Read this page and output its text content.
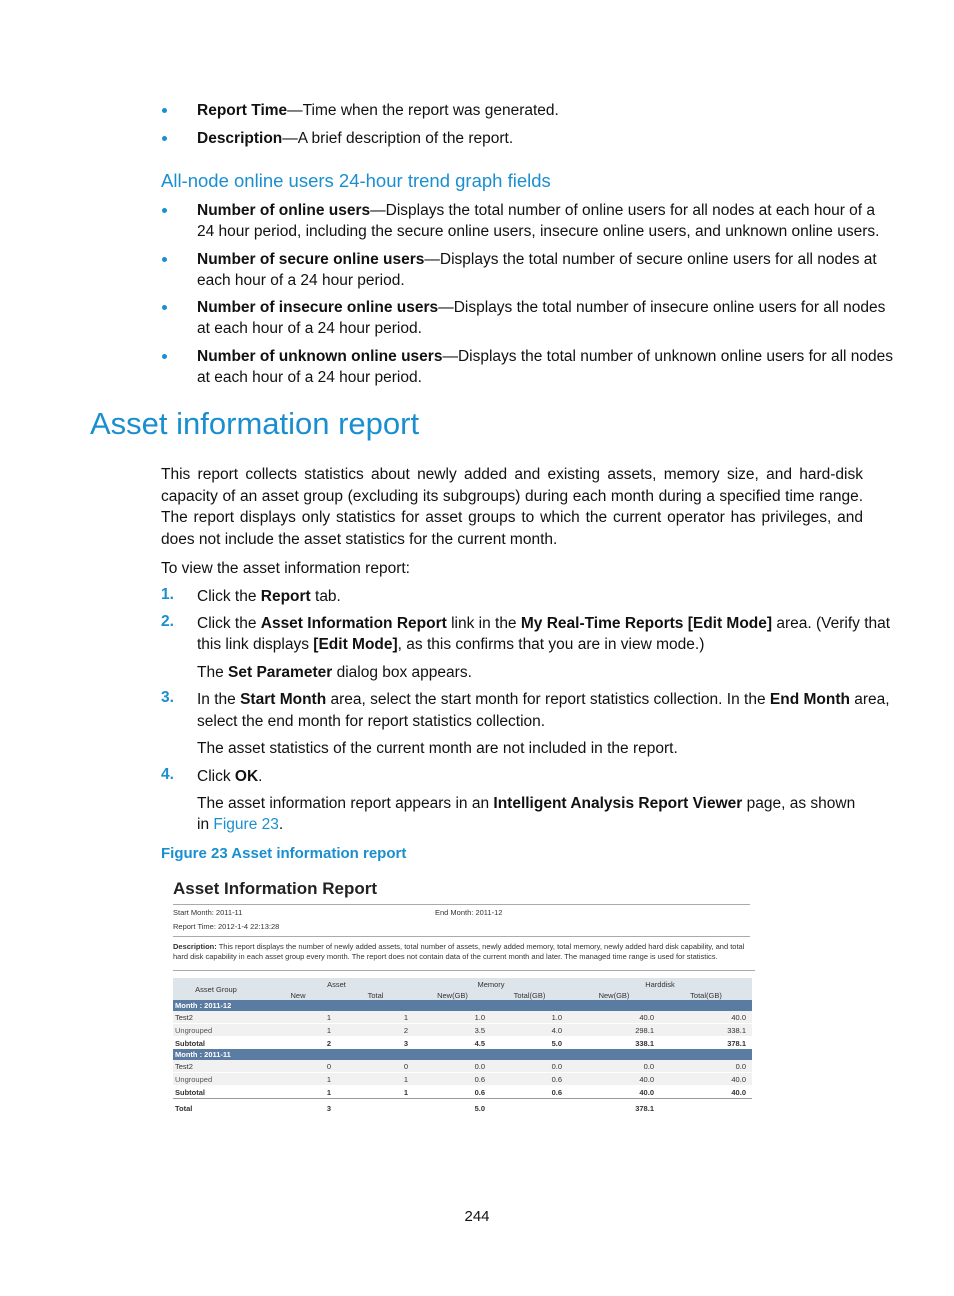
Report Time—Time when the report was generated.
Description—A brief description of the report.
All-node online users 24-hour trend graph fields
Number of online users—Displays the total number of online users for all nodes at each hour of a
24 hour period, including the secure online users, insecure online users, and unknown online users.
Number of secure online users—Displays the total number of secure online users for all nodes at
each hour of a 24 hour period.
Number of insecure online users—Displays the total number of insecure online users for all nodes
at each hour of a 24 hour period.
Number of unknown online users—Displays the total number of unknown online users for all nodes
at each hour of a 24 hour period.
Asset information report
This report collects statistics about newly added and existing assets, memory size, and hard-disk capacity of an asset group (excluding its subgroups) during each month during a specified time range. The report displays only statistics for asset groups to which the current operator has privileges, and does not include the asset statistics for the current month.
To view the asset information report:
1. Click the Report tab.
2. Click the Asset Information Report link in the My Real-Time Reports [Edit Mode] area. (Verify that
this link displays [Edit Mode], as this confirms that you are in view mode.)
The Set Parameter dialog box appears.
3. In the Start Month area, select the start month for report statistics collection. In the End Month area,
select the end month for report statistics collection.
The asset statistics of the current month are not included in the report.
4. Click OK.
The asset information report appears in an Intelligent Analysis Report Viewer page, as shown
in Figure 23.
Figure 23 Asset information report
Asset Information Report
Start Month: 2011-11	End Month: 2011-12
Report Time: 2012-1-4 22:13:28
Description: This report displays the number of newly added assets, total number of assets, newly added memory, total memory, newly added hard disk capability, and total hard disk capability in each asset group every month. The report does not contain data of the current month and later. The managed time range is used for statistics.
Asset Group	Asset		Memory		Harddisk	
	New	Total	New(GB)	Total(GB)	New(GB)	Total(GB)
Month : 2011-12						
Test2	1	1	1.0	1.0	40.0	40.0
Ungrouped	1	2	3.5	4.0	298.1	338.1
Subtotal	2	3	4.5	5.0	338.1	378.1
Month : 2011-11						
Test2	0	0	0.0	0.0	0.0	0.0
Ungrouped	1	1	0.6	0.6	40.0	40.0
Subtotal	1	1	0.6	0.6	40.0	40.0
Total	3		5.0		378.1	
244
